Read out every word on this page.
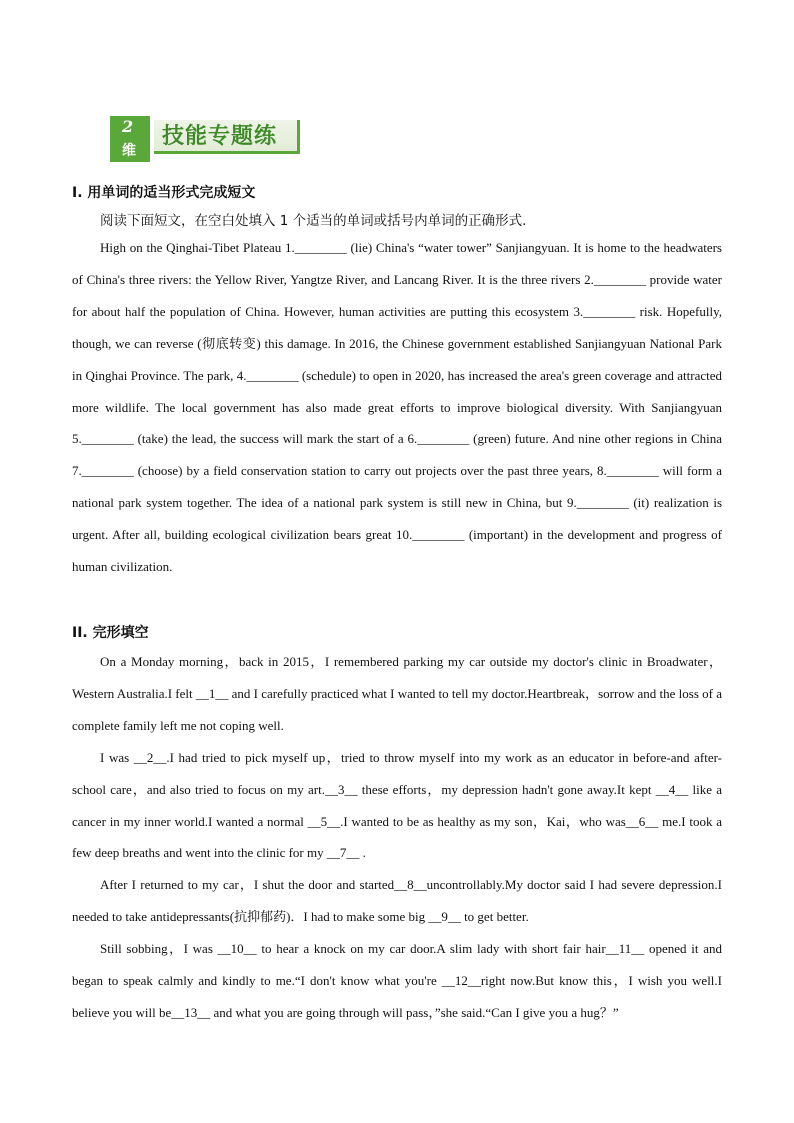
2
维
技能专题练
I. 用单词的适当形式完成短文
阅读下面短文，在空白处填入 1 个适当的单词或括号内单词的正确形式.

High on the Qinghai-Tibet Plateau 1.________ (lie) China's “water tower” Sanjiangyuan. It is home to the headwaters of China's three rivers: the Yellow River, Yangtze River, and Lancang River. It is the three rivers 2.________ provide water for about half the population of China. However, human activities are putting this ecosystem 3.________ risk. Hopefully, though, we can reverse (彻底转变) this damage. In 2016, the Chinese government established Sanjiangyuan National Park in Qinghai Province. The park, 4.________ (schedule) to open in 2020, has increased the area's green coverage and attracted more wildlife. The local government has also made great efforts to improve biological diversity. With Sanjiangyuan 5.________ (take) the lead, the success will mark the start of a 6.________ (green) future. And nine other regions in China 7.________ (choose) by a field conservation station to carry out projects over the past three years, 8.________ will form a national park system together. The idea of a national park system is still new in China, but 9.________ (it) realization is urgent. After all, building ecological civilization bears great 10.________ (important) in the development and progress of human civilization.

II. 完形填空

On a Monday morning，back in 2015，I remembered parking my car outside my doctor's clinic in Broadwater，Western Australia.I felt __1__ and I carefully practiced what I wanted to tell my doctor.Heartbreak，sorrow and the loss of a complete family left me not coping well.

I was __2__.I had tried to pick myself up，tried to throw myself into my work as an educator in before-and after-school care，and also tried to focus on my art.__3__ these efforts，my depression hadn't gone away.It kept __4__ like a cancer in my inner world.I wanted a normal __5__.I wanted to be as healthy as my son，Kai，who was__6__ me.I took a few deep breaths and went into the clinic for my __7__ .

After I returned to my car，I shut the door and started__8__uncontrollably.My doctor said I had severe depression.I needed to take antidepressants(抗抑郁药)．I had to make some big __9__ to get better.

Still sobbing，I was __10__ to hear a knock on my car door.A slim lady with short fair hair__11__ opened it and began to speak calmly and kindly to me.“I don't know what you're __12__right now.But know this，I wish you well.I believe you will be__13__ and what you are going through will pass，”she said.“Can I give you a hug？”
